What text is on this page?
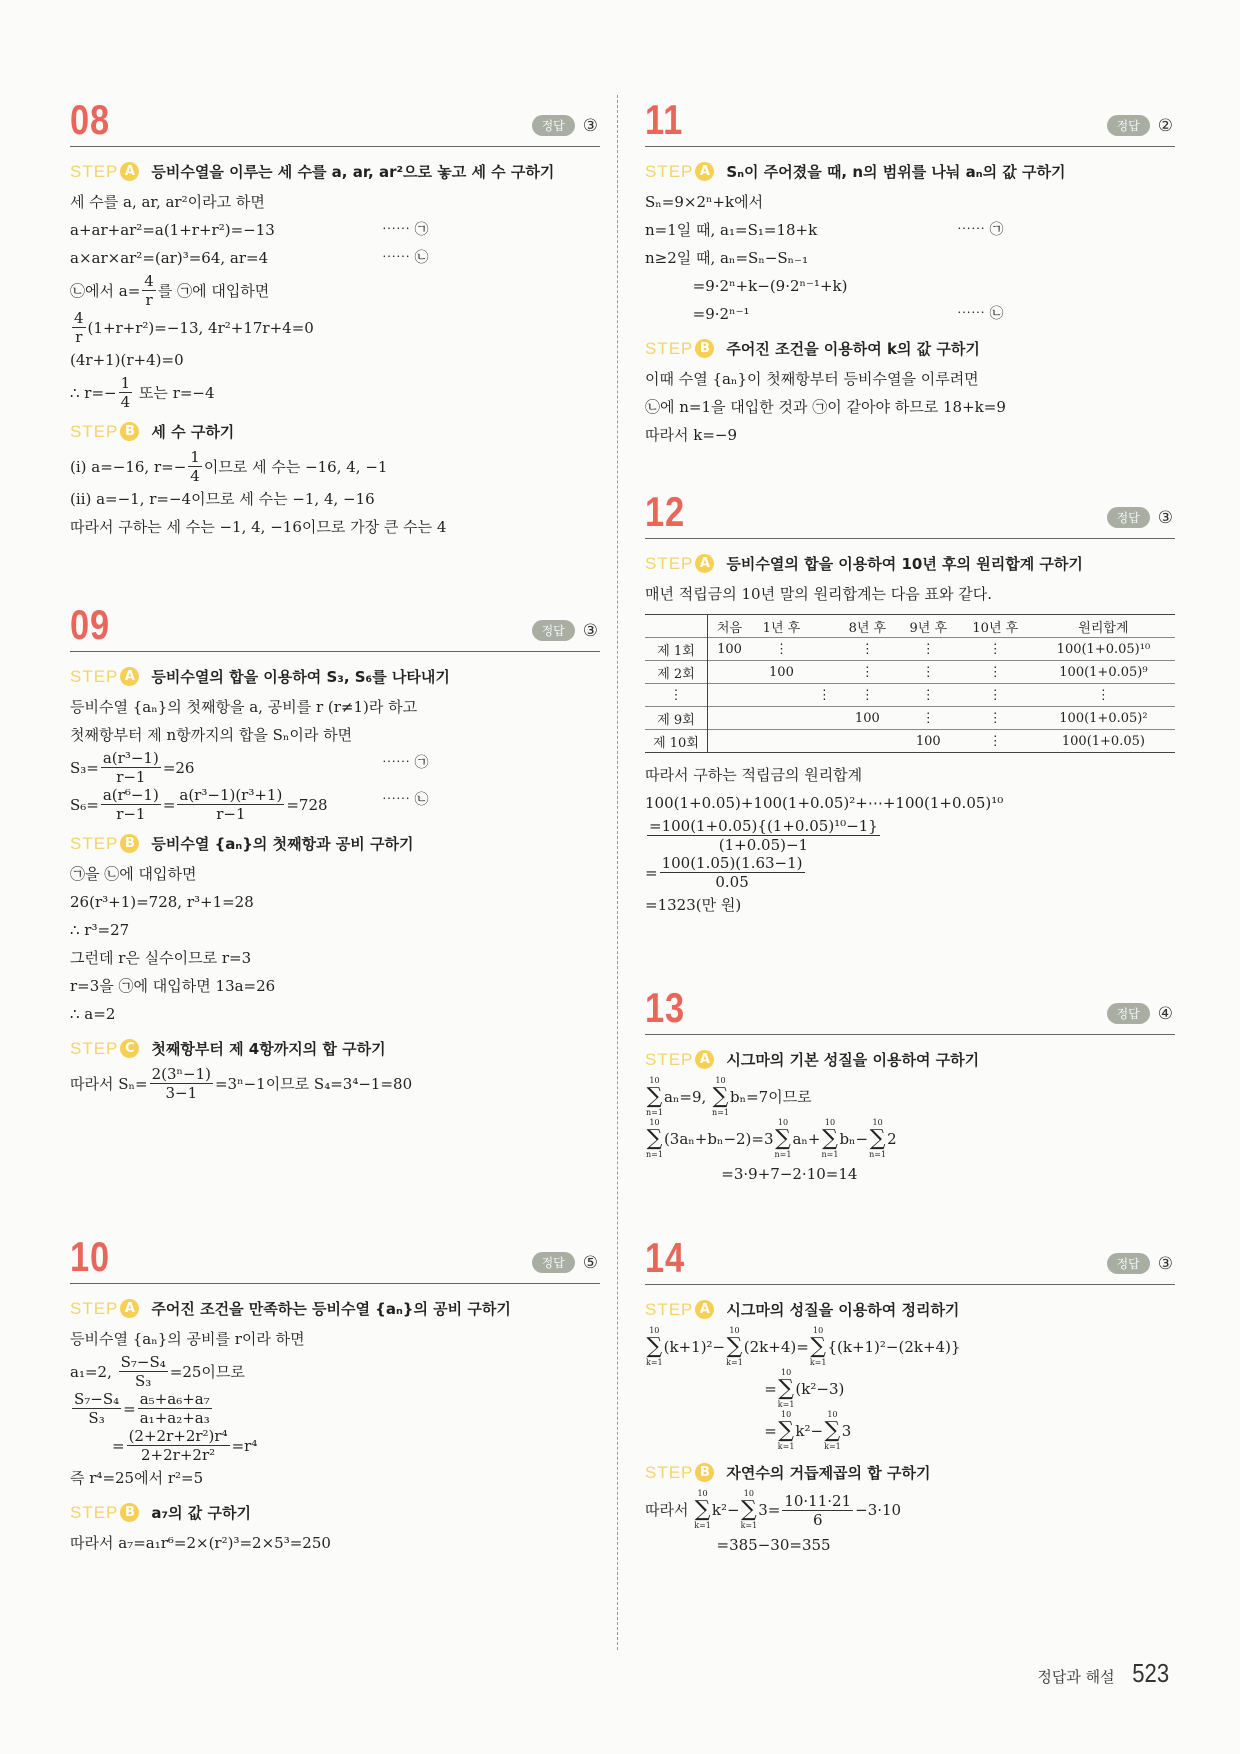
08	정답	③
STEP A 등비수열을 이루는 세 수를 a, ar, ar²으로 놓고 세 수 구하기
세 수를 a, ar, ar²이라고 하면
a+ar+ar²=a(1+r+r²)=−13	⋯⋯ ㉠
a×ar×ar²=(ar)³=64, ar=4	⋯⋯ ㉡
㉡에서 $a= \frac{4}{r}$ 를 ㉠에 대입하면
$\frac{4}{r} (1+r+r^2)=-13$, 4r²+17r+4=0
(4r+1)(r+4)=0
∴ $r=- \frac{1}{4}$ 또는 r=−4
STEP B	세 수 구하기
(ⅰ) a=−16, $r=- \frac{1}{4}$ 이므로 세 수는 −16, 4, −1
(ⅱ) a=−1, r=−4이므로 세 수는 −1, 4, −16
따라서 구하는 세 수는 −1, 4, −16이므로 가장 큰 수는 4
09	정답	③
STEP A 등비수열의 합을 이용하여 S₃, S₆를 나타내기
등비수열 {aₙ}의 첫째항을 a, 공비를 r (r≠1)라 하고
첫째항부터 제 n항까지의 합을 Sₙ이라 하면
$S_3= \frac{\text{a(r³−1)}}{r-1} =26$	⋯⋯ ㉠
$S_6= \frac{\text{a(r⁶−1)}}{r-1} = \frac{\text{a(r³−1)(r³+1)}}{r-1} =728$	⋯⋯ ㉡
STEP B	등비수열 {aₙ}의 첫째항과 공비 구하기
㉠을 ㉡에 대입하면
26(r³+1)=728, r³+1=28
∴ r³=27
그런데 r은 실수이므로 r=3
r=3을 ㉠에 대입하면 13a=26
∴ a=2
STEP C	첫째항부터 제 4항까지의 합 구하기
따라서 $S_n= \frac{\text{2(3ⁿ−1)}}{3-1} =3^n-1$이므로 S₄=3⁴−1=80
10	정답	⑤
STEP A 주어진 조건을 만족하는 등비수열 {aₙ}의 공비 구하기
등비수열 {aₙ}의 공비를 r이라 하면
a₁=2, $\frac{\text{S₇−S₄}}{\text{S₃}} =25$이므로
$\frac{\text{S₇−S₄}}{\text{S₃}} = \frac{\text{a₅+a₆+a₇}}{\text{a₁+a₂+a₃}}$
= $\frac{\text{(2+2r+2r²)r⁴}}{\text{2+2r+2r²}} =r^4$
즉 r⁴=25에서 r²=5
STEP B	a₇의 값 구하기
따라서 a₇=a₁r⁶=2×(r²)³=2×5³=250
11	정답	②
STEP A Sₙ이 주어졌을 때, n의 범위를 나눠 aₙ의 값 구하기
Sₙ=9×2ⁿ+k에서
n=1일 때, a₁=S₁=18+k	⋯⋯ ㉠
n≥2일 때, aₙ=Sₙ−Sₙ₋₁
=9·2ⁿ+k−(9·2ⁿ⁻¹+k)
=9·2ⁿ⁻¹	⋯⋯ ㉡
STEP B	주어진 조건을 이용하여 k의 값 구하기
이때 수열 {aₙ}이 첫째항부터 등비수열을 이루려면
㉡에 n=1을 대입한 것과 ㉠이 같아야 하므로 18+k=9
따라서 k=−9
12	정답	③
STEP A 등비수열의 합을 이용하여 10년 후의 원리합계 구하기
매년 적립금의 10년 말의 원리합계는 다음 표와 같다.
	처음	1년 후		8년 후	9년 후	10년 후	원리합계
제 1회	100	⋮		⋮	⋮	⋮	100(1+0.05)¹⁰
제 2회		100		⋮	⋮	⋮	100(1+0.05)⁹
⋮			⋮	⋮	⋮	⋮	⋮
제 9회				100	⋮	⋮	100(1+0.05)²
제 10회					100	⋮	100(1+0.05)
따라서 구하는 적립금의 원리합계
100(1+0.05)+100(1+0.05)²+⋯+100(1+0.05)¹⁰
$\frac{\text{=100(1+0.05)\{(1+0.05)¹⁰−1\}}}{(1+0.05)-1}$
= $\frac{100(1.05)(1.63-1)}{0.05}$
=1323(만 원)
13	정답	④
STEP A 시그마의 기본 성질을 이용하여 구하기
10
∑
n=1
aₙ=9,
10
∑
n=1
bₙ=7이므로
10
∑
n=1
(3aₙ+bₙ−2)=3
10
∑
n=1
aₙ+
10
∑
n=1
bₙ−
10
∑
n=1
2
=3·9+7−2·10=14
14	정답	③
STEP A 시그마의 성질을 이용하여 정리하기
10
∑
k=1
(k+1)²−
10
∑
k=1
(2k+4)=
10
∑
k=1
{(k+1)²−(2k+4)}
=
10
∑
k=1
(k²−3)
=
10
∑
k=1
k²−
10
∑
k=1
3
STEP B	자연수의 거듭제곱의 합 구하기
따라서
10
∑
k=1
k²−
10
∑
k=1
$3= \frac{10\cdot 11\cdot 21}{6} -3\cdot 10$
=385−30=355
정답과 해설 523
